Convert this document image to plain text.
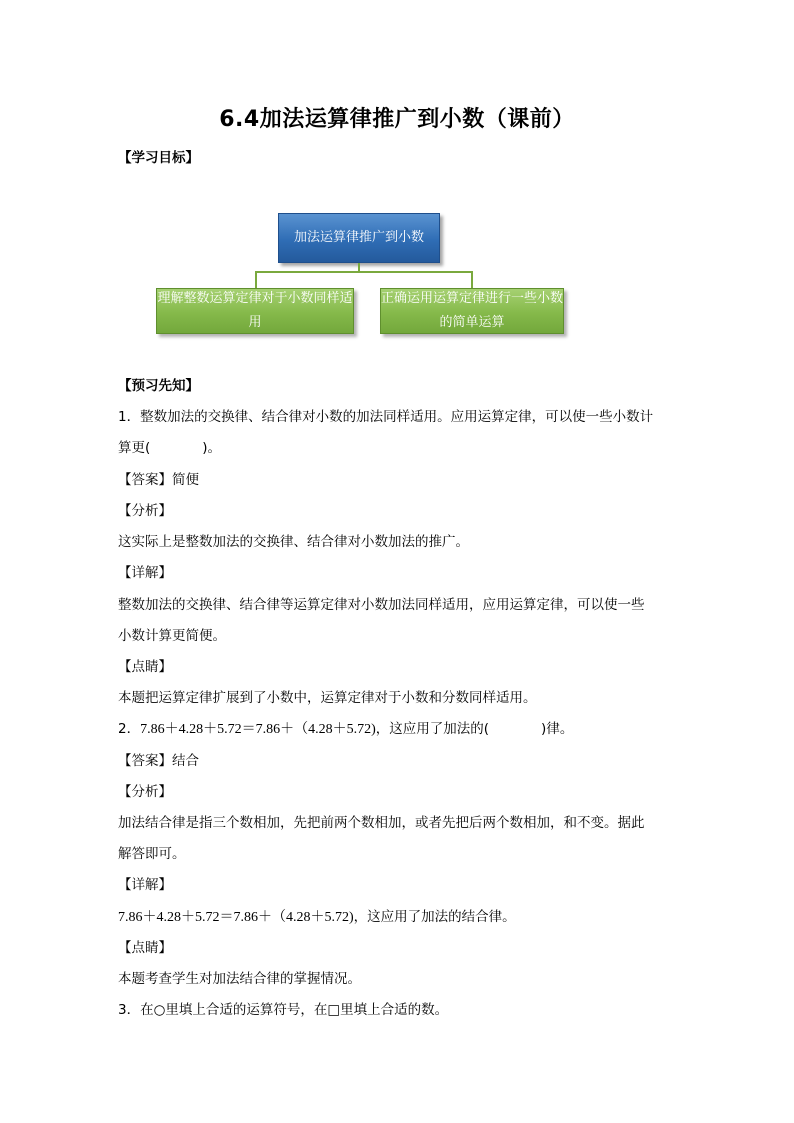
6.4加法运算律推广到小数（课前）
【学习目标】
加法运算律推广到小数
理解整数运算定律对于小数同样适用
正确运用运算定律进行一些小数的简单运算
【预习先知】
1．整数加法的交换律、结合律对小数的加法同样适用。应用运算定律，可以使一些小数计
算更(	)。
【答案】简便
【分析】
这实际上是整数加法的交换律、结合律对小数加法的推广。
【详解】
整数加法的交换律、结合律等运算定律对小数加法同样适用，应用运算定律，可以使一些
小数计算更简便。
【点睛】
本题把运算定律扩展到了小数中，运算定律对于小数和分数同样适用。
2．7.86＋4.28＋5.72＝7.86＋（4.28＋5.72)，这应用了加法的(	)律。
【答案】结合
【分析】
加法结合律是指三个数相加，先把前两个数相加，或者先把后两个数相加，和不变。据此
解答即可。
【详解】
7.86＋4.28＋5.72＝7.86＋（4.28＋5.72)，这应用了加法的结合律。
【点睛】
本题考查学生对加法结合律的掌握情况。
3．在○里填上合适的运算符号，在□里填上合适的数。
